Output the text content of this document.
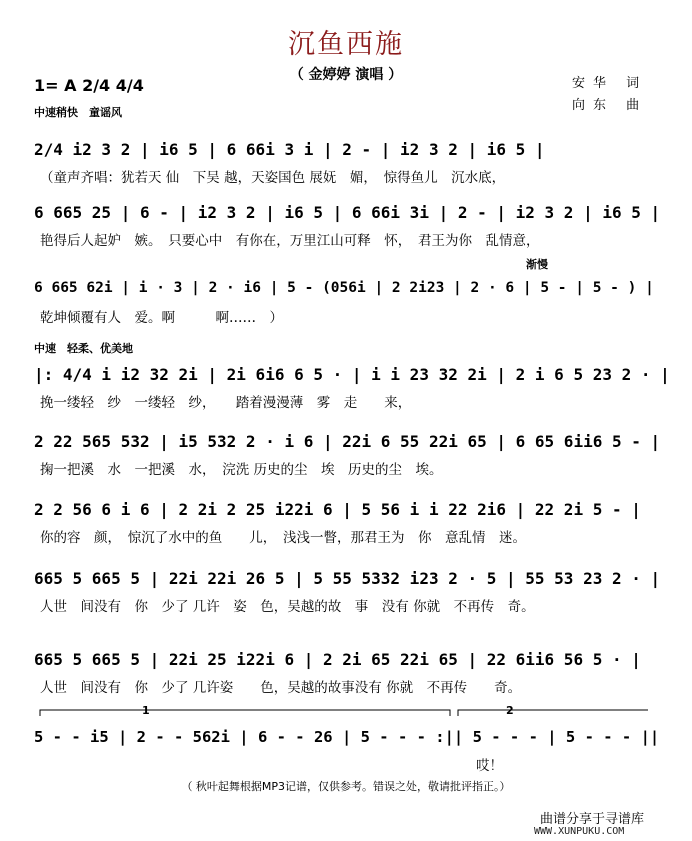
沉鱼西施
（ 金婷婷 演唱 ）
1= A 2/4 4/4
中速稍快　童谣风
安华 词
向东 曲
2/4 i2 3 2 | i6 5 | 6 66i 3 i | 2 - | i2 3 2 | i6 5 |
（童声齐唱：犹若天 仙　下吴 越，天姿国色 展妩　媚，　惊得鱼儿　沉水底，
6 665 25 | 6 - | i2 3 2 | i6 5 | 6 66i 3i | 2 - | i2 3 2 | i6 5 |
艳得后人起妒　嫉。　只要心中　有你在，万里江山可释　怀，　君王为你　乱情意，
渐慢
6 665 62i | i · 3 | 2 · i6 | 5 - (056i | 2 2i23 | 2 · 6 | 5 - | 5 - ) |
乾坤倾覆有人　爱。啊　　　啊……　）
中速　轻柔、优美地
|: 4/4 i i2 32 2i | 2i 6i6 6 5 · | i i 23 32 2i | 2 i 6 5 23 2 · |
挽一缕轻　纱　一缕轻　纱，　　踏着漫漫薄　雾　走　　来，
2 22 565 532 | i5 532 2 · i 6 | 22i 6 55 22i 65 | 6 65 6ii6 5 - |
掬一把溪　水　一把溪　水，　浣洗 历史的尘　埃　历史的尘　埃。
2 2 56 6 i 6 | 2 2i 2 25 i22i 6 | 5 56 i i 22 2i6 | 22 2i 5 - |
你的容　颜，　惊沉了水中的鱼　　儿，　浅浅一瞥，那君王为　你　意乱情　迷。
665 5 665 5 | 22i 22i 26 5 | 5 55 5332 i23 2 · 5 | 55 53 23 2 · |
人世　间没有　你　少了 几许　姿　色，吴越的故　事　没有 你就　不再传　奇。
665 5 665 5 | 22i 25 i22i 6 | 2 2i 65 22i 65 | 22 6ii6 56 5 · |
人世　间没有　你　少了 几许姿　　色，吴越的故事没有 你就　不再传　　奇。
1	2
5 - - i5 | 2 - - 562i | 6 - - 26 | 5 - - - :|| 5 - - - | 5 - - - ||
哎！
（ 秋叶起舞根据MP3记谱，仅供参考。错误之处，敬请批评指正。）
曲谱分享于寻谱库
WWW.XUNPUKU.COM
